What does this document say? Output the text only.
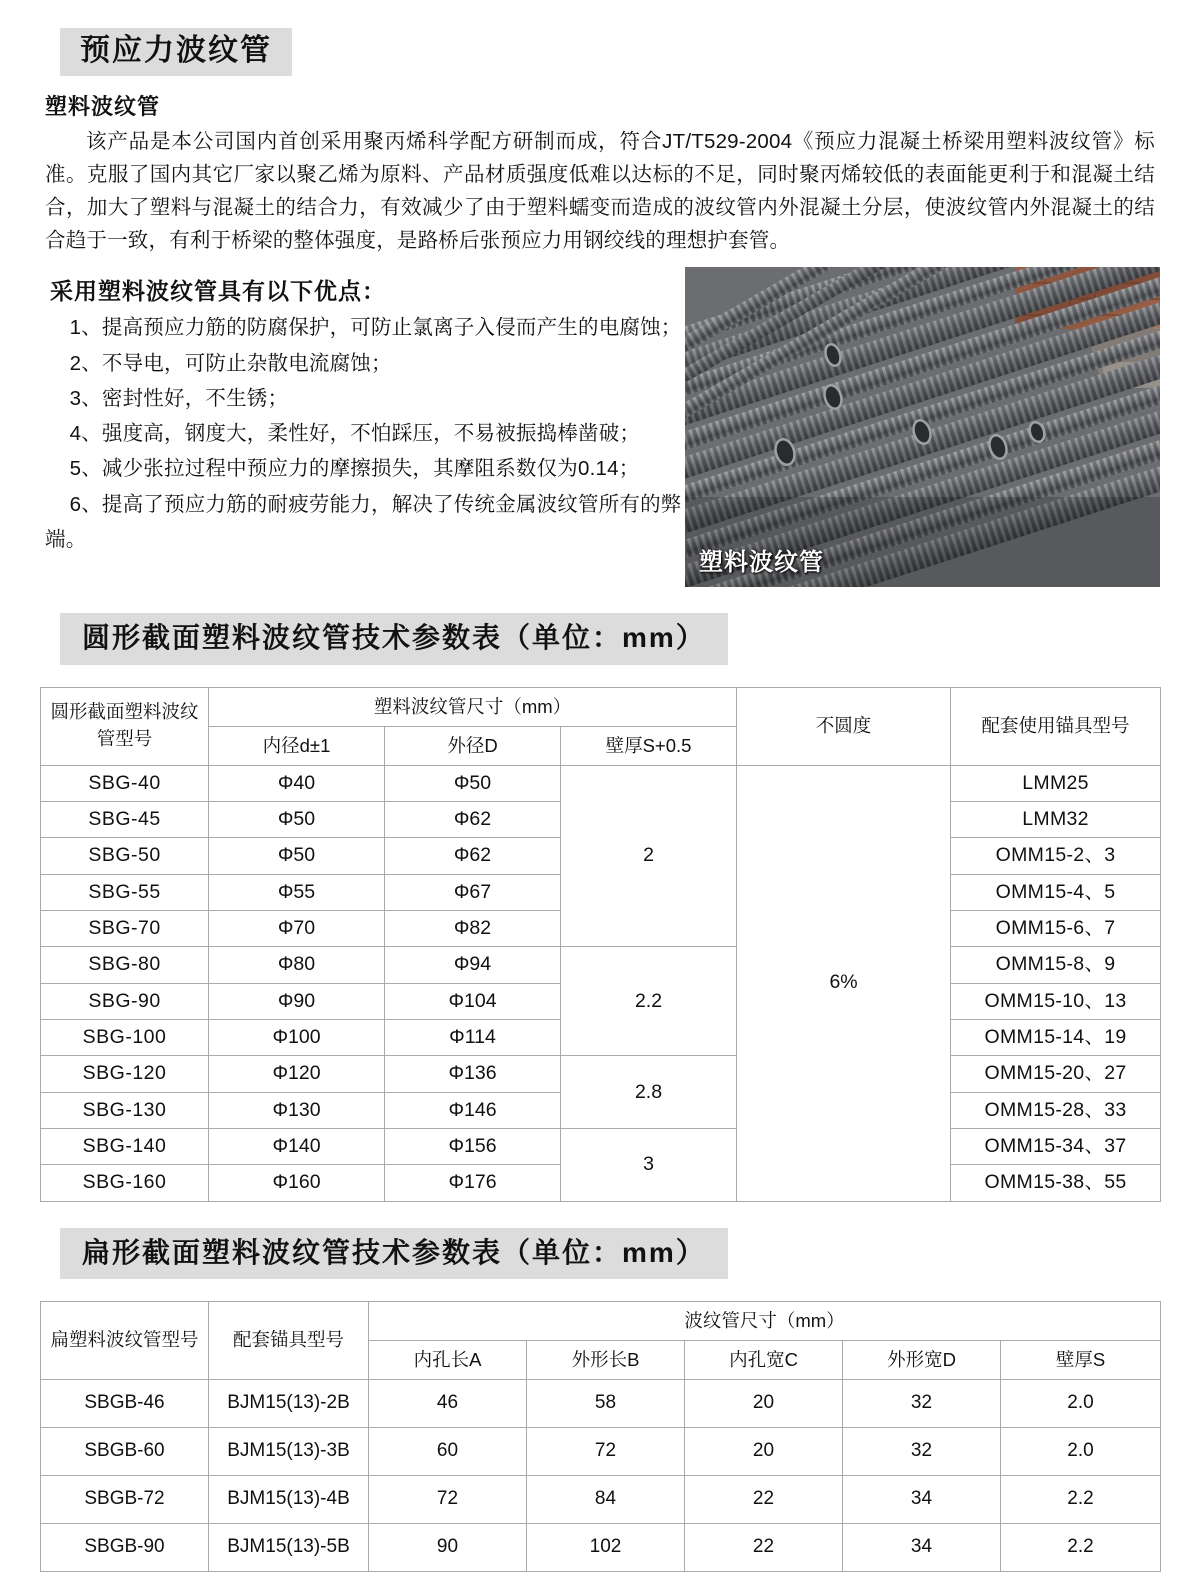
预应力波纹管
塑料波纹管

该产品是本公司国内首创采用聚丙烯科学配方研制而成，符合JT/T529-2004《预应力混凝土桥梁用塑料波纹管》标准。克服了国内其它厂家以聚乙烯为原料、产品材质强度低难以达标的不足，同时聚丙烯较低的表面能更利于和混凝土结合，加大了塑料与混凝土的结合力，有效减少了由于塑料蠕变而造成的波纹管内外混凝土分层，使波纹管内外混凝土的结合趋于一致，有利于桥梁的整体强度，是路桥后张预应力用钢绞线的理想护套管。

采用塑料波纹管具有以下优点：
1、提高预应力筋的防腐保护，可防止氯离子入侵而产生的电腐蚀；
2、不导电，可防止杂散电流腐蚀；
3、密封性好，不生锈；
4、强度高，钢度大，柔性好，不怕踩压，不易被振捣棒凿破；
5、减少张拉过程中预应力的摩擦损失，其摩阻系数仅为0.14；
6、提高了预应力筋的耐疲劳能力，解决了传统金属波纹管所有的弊端。
塑料波纹管
圆形截面塑料波纹管技术参数表（单位：mm）
圆形截面塑料波纹管型号	塑料波纹管尺寸（mm）			不圆度	配套使用锚具型号
	内径d±1	外径D	壁厚S+0.5		
SBG-40	Φ40	Φ50	2	6%	LMM25
SBG-45	Φ50	Φ62			LMM32
SBG-50	Φ50	Φ62			OMM15-2、3
SBG-55	Φ55	Φ67			OMM15-4、5
SBG-70	Φ70	Φ82			OMM15-6、7
SBG-80	Φ80	Φ94	2.2		OMM15-8、9
SBG-90	Φ90	Φ104			OMM15-10、13
SBG-100	Φ100	Φ114			OMM15-14、19
SBG-120	Φ120	Φ136	2.8		OMM15-20、27
SBG-130	Φ130	Φ146			OMM15-28、33
SBG-140	Φ140	Φ156	3		OMM15-34、37
SBG-160	Φ160	Φ176			OMM15-38、55
扁形截面塑料波纹管技术参数表（单位：mm）
扁塑料波纹管型号	配套锚具型号	波纹管尺寸（mm）				
		内孔长A	外形长B	内孔宽C	外形宽D	壁厚S
SBGB-46	BJM15(13)-2B	46	58	20	32	2.0
SBGB-60	BJM15(13)-3B	60	72	20	32	2.0
SBGB-72	BJM15(13)-4B	72	84	22	34	2.2
SBGB-90	BJM15(13)-5B	90	102	22	34	2.2
